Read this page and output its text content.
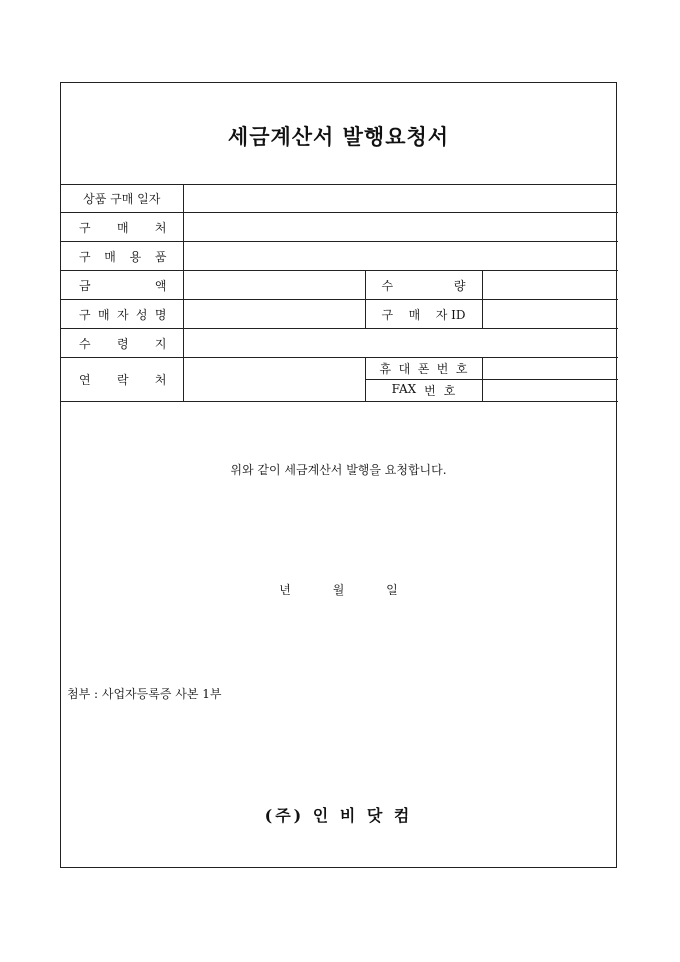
세금계산서 발행요청서
상품 구매 일자			

구 매 처			

구 매 용 품			

금 액		수 량	

구 매 자 성 명		구 매 자 ID	

수 령 지			

연 락 처		휴 대 폰 번 호	

		FAX 번 호	

위와 같이 세금계산서 발행을 요청합니다.
년	월	일
첨부 : 사업자등록증 사본 1부
(주) 인 비 닷 컴
